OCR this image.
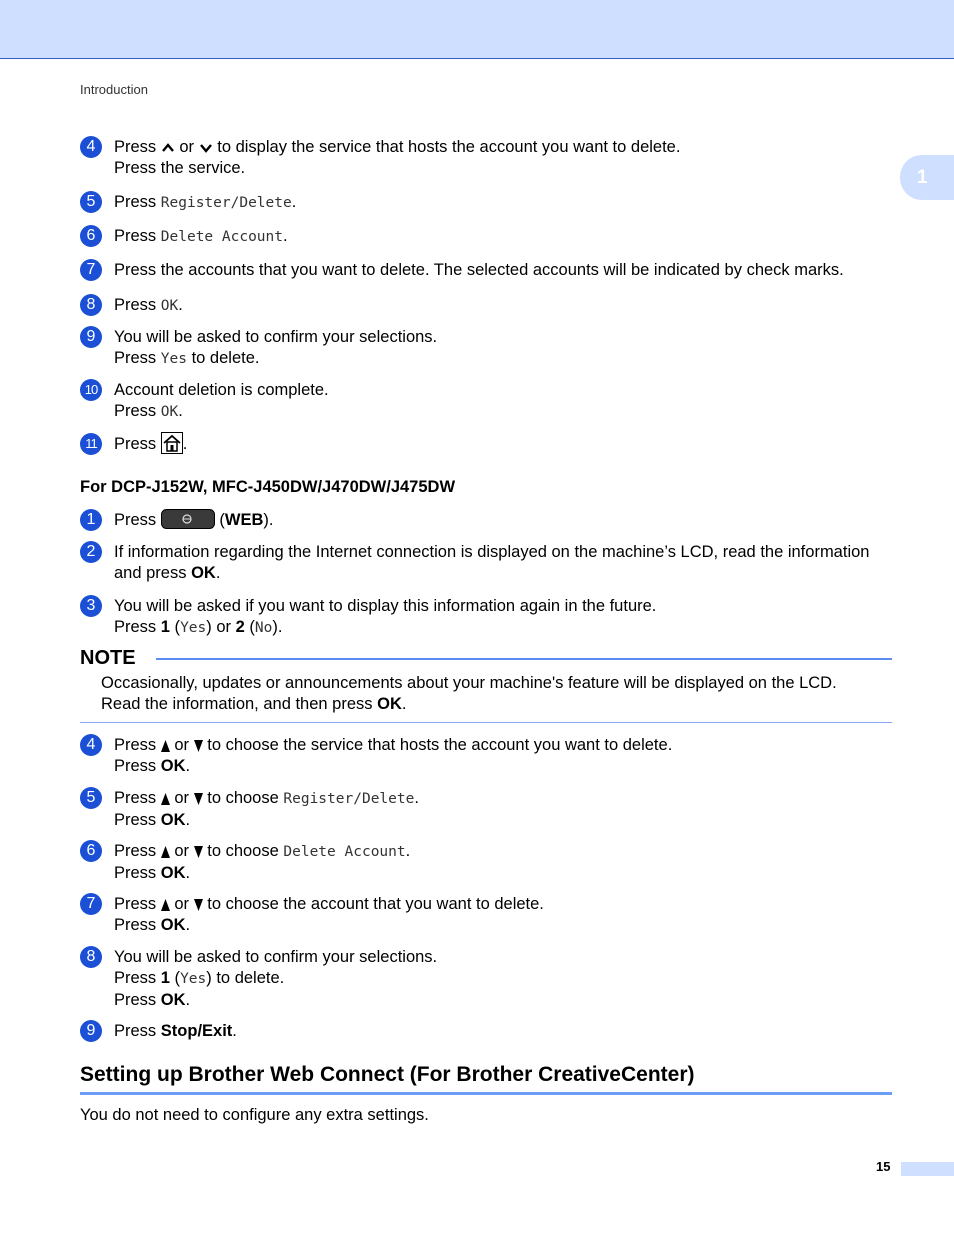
Introduction
1
4	Press or to display the service that hosts the account you want to delete.
Press the service.
5	Press Register/Delete.
6	Press Delete Account.
7	Press the accounts that you want to delete. The selected accounts will be indicated by check marks.
8	Press OK.
9	You will be asked to confirm your selections.
Press Yes to delete.
10 Account deletion is complete.
Press OK.
11	Press .
For DCP-J152W, MFC-J450DW/J470DW/J475DW
1	Press	(WEB).
2	If information regarding the Internet connection is displayed on the machine’s LCD, read the information
and press OK.
3	You will be asked if you want to display this information again in the future.
Press 1 (Yes) or 2 (No).
NOTE
Occasionally, updates or announcements about your machine's feature will be displayed on the LCD.
Read the information, and then press OK.
4	Press or to choose the service that hosts the account you want to delete.
Press OK.
5	Press or to choose Register/Delete.
Press OK.
6	Press or to choose Delete Account.
Press OK.
7	Press or to choose the account that you want to delete.
Press OK.
8	You will be asked to confirm your selections.
Press 1 (Yes) to delete.
Press OK.
9	Press Stop/Exit.
Setting up Brother Web Connect (For Brother CreativeCenter)
You do not need to configure any extra settings.
15
